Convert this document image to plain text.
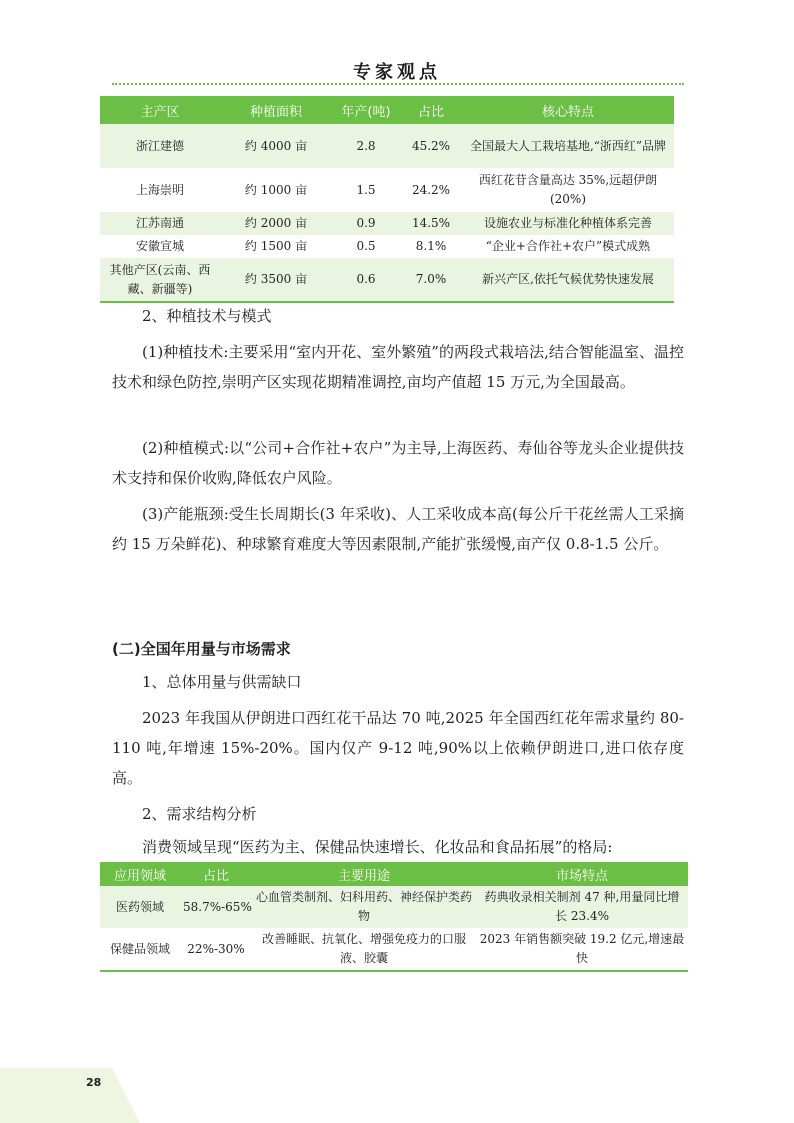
专家观点
主产区	种植面积	年产(吨)	占比	核心特点
浙江建德	约 4000 亩	2.8	45.2%	全国最大人工栽培基地,“浙西红”品牌
上海崇明	约 1000 亩	1.5	24.2%	西红花苷含量高达 35%,远超伊朗(20%)
江苏南通	约 2000 亩	0.9	14.5%	设施农业与标准化种植体系完善
安徽宣城	约 1500 亩	0.5	8.1%	“企业+合作社+农户”模式成熟
其他产区(云南、西藏、新疆等)	约 3500 亩	0.6	7.0%	新兴产区,依托气候优势快速发展

2、种植技术与模式

(1)种植技术:主要采用“室内开花、室外繁殖”的两段式栽培法,结合智能温室、温控技术和绿色防控,崇明产区实现花期精准调控,亩均产值超 15 万元,为全国最高。

(2)种植模式:以“公司+合作社+农户”为主导,上海医药、寿仙谷等龙头企业提供技术支持和保价收购,降低农户风险。

(3)产能瓶颈:受生长周期长(3 年采收)、人工采收成本高(每公斤干花丝需人工采摘约 15 万朵鲜花)、种球繁育难度大等因素限制,产能扩张缓慢,亩产仅 0.8-1.5 公斤。

(二)全国年用量与市场需求

1、总体用量与供需缺口

2023 年我国从伊朗进口西红花干品达 70 吨,2025 年全国西红花年需求量约 80-110 吨,年增速 15%-20%。国内仅产 9-12 吨,90%以上依赖伊朗进口,进口依存度高。

2、需求结构分析

消费领域呈现“医药为主、保健品快速增长、化妆品和食品拓展”的格局:

应用领域	占比	主要用途	市场特点
医药领域	58.7%-65%	心血管类制剂、妇科用药、神经保护类药物	药典收录相关制剂 47 种,用量同比增长 23.4%
保健品领域	22%-30%	改善睡眠、抗氧化、增强免疫力的口服液、胶囊	2023 年销售额突破 19.2 亿元,增速最快
28
